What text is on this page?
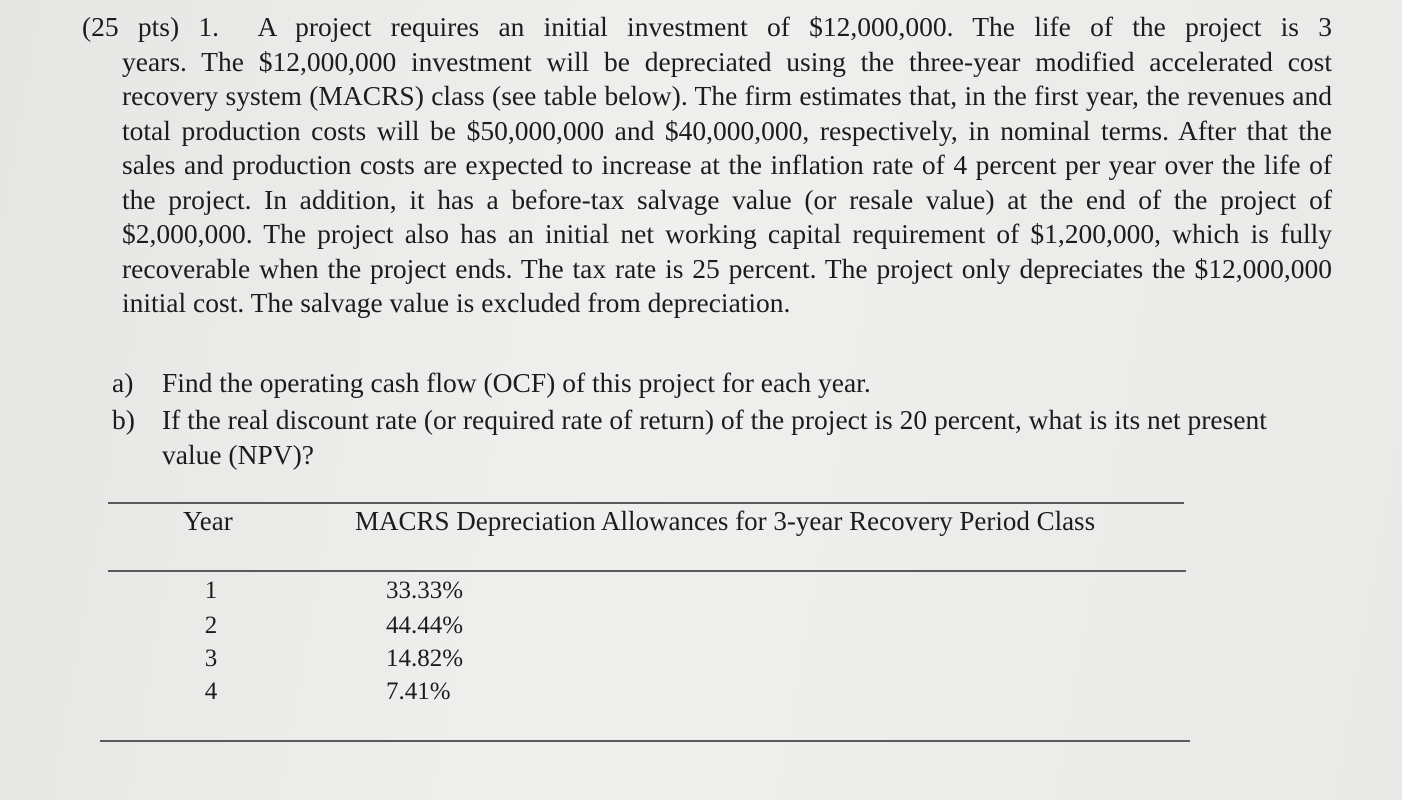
(25 pts) 1. A project requires an initial investment of $12,000,000. The life of the project is 3

years. The $12,000,000 investment will be depreciated using the three-year modified accelerated cost recovery system (MACRS) class (see table below). The firm estimates that, in the first year, the revenues and total production costs will be $50,000,000 and $40,000,000, respectively, in nominal terms. After that the sales and production costs are expected to increase at the inflation rate of 4 percent per year over the life of the project. In addition, it has a before-tax salvage value (or resale value) at the end of the project of $2,000,000. The project also has an initial net working capital requirement of $1,200,000, which is fully recoverable when the project ends. The tax rate is 25 percent. The project only depreciates the $12,000,000 initial cost. The salvage value is excluded from depreciation.

a) Find the operating cash flow (OCF) of this project for each year.
b) If the real discount rate (or required rate of return) of the project is 20 percent, what is its net present value (NPV)?
Year	MACRS Depreciation Allowances for 3-year Recovery Period Class
1	33.33%
2	44.44%
3	14.82%
4	7.41%
